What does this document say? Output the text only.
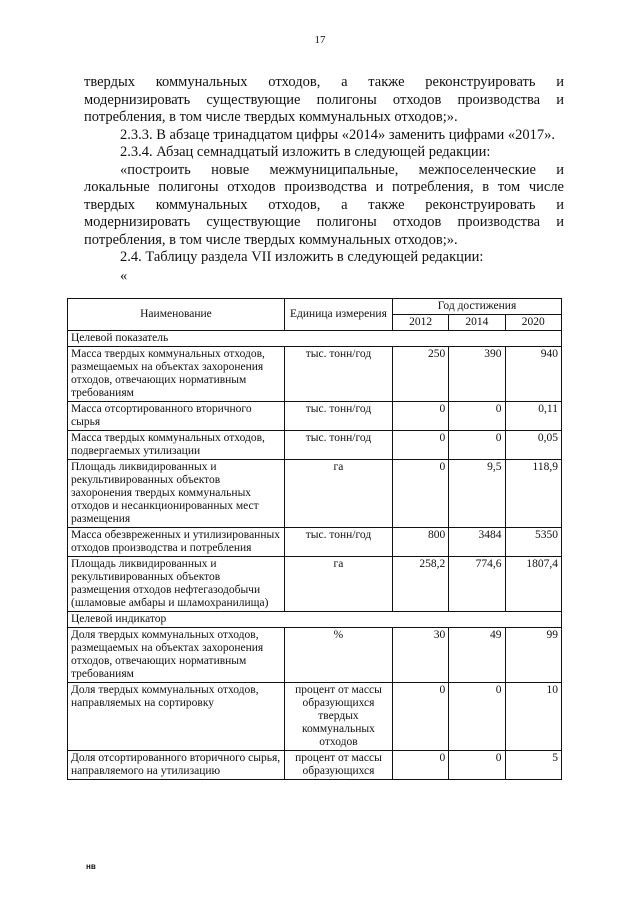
17

твердых коммунальных отходов, а также реконструировать и модернизировать существующие полигоны отходов производства и потребления, в том числе твердых коммунальных отходов;».

2.3.3. В абзаце тринадцатом цифры «2014» заменить цифрами «2017».

2.3.4. Абзац семнадцатый изложить в следующей редакции:

«построить новые межмуниципальные, межпоселенческие и локальные полигоны отходов производства и потребления, в том числе твердых коммунальных отходов, а также реконструировать и модернизировать существующие полигоны отходов производства и потребления, в том числе твердых коммунальных отходов;».

2.4. Таблицу раздела VII изложить в следующей редакции:

«

Наименование	Единица измерения	Год достижения		
		2012	2014	2020
Целевой показатель				
Масса твердых коммунальных отходов, размещаемых на объектах захоронения отходов, отвечающих нормативным требованиям	тыс. тонн/год	250	390	940
Масса отсортированного вторичного сырья	тыс. тонн/год	0	0	0,11
Масса твердых коммунальных отходов, подвергаемых утилизации	тыс. тонн/год	0	0	0,05
Площадь ликвидированных и рекультивированных объектов захоронения твердых коммунальных отходов и несанкционированных мест размещения	га	0	9,5	118,9
Масса обезвреженных и утилизированных отходов производства и потребления	тыс. тонн/год	800	3484	5350
Площадь ликвидированных и рекультивированных объектов размещения отходов нефтегазодобычи (шламовые амбары и шламохранилища)	га	258,2	774,6	1807,4
Целевой индикатор				
Доля твердых коммунальных отходов, размещаемых на объектах захоронения отходов, отвечающих нормативным требованиям	%	30	49	99
Доля твердых коммунальных отходов, направляемых на сортировку	процент от массы образующихся твердых коммунальных отходов	0	0	10
Доля отсортированного вторичного сырья, направляемого на утилизацию	процент от массы образующихся	0	0	5
нв
